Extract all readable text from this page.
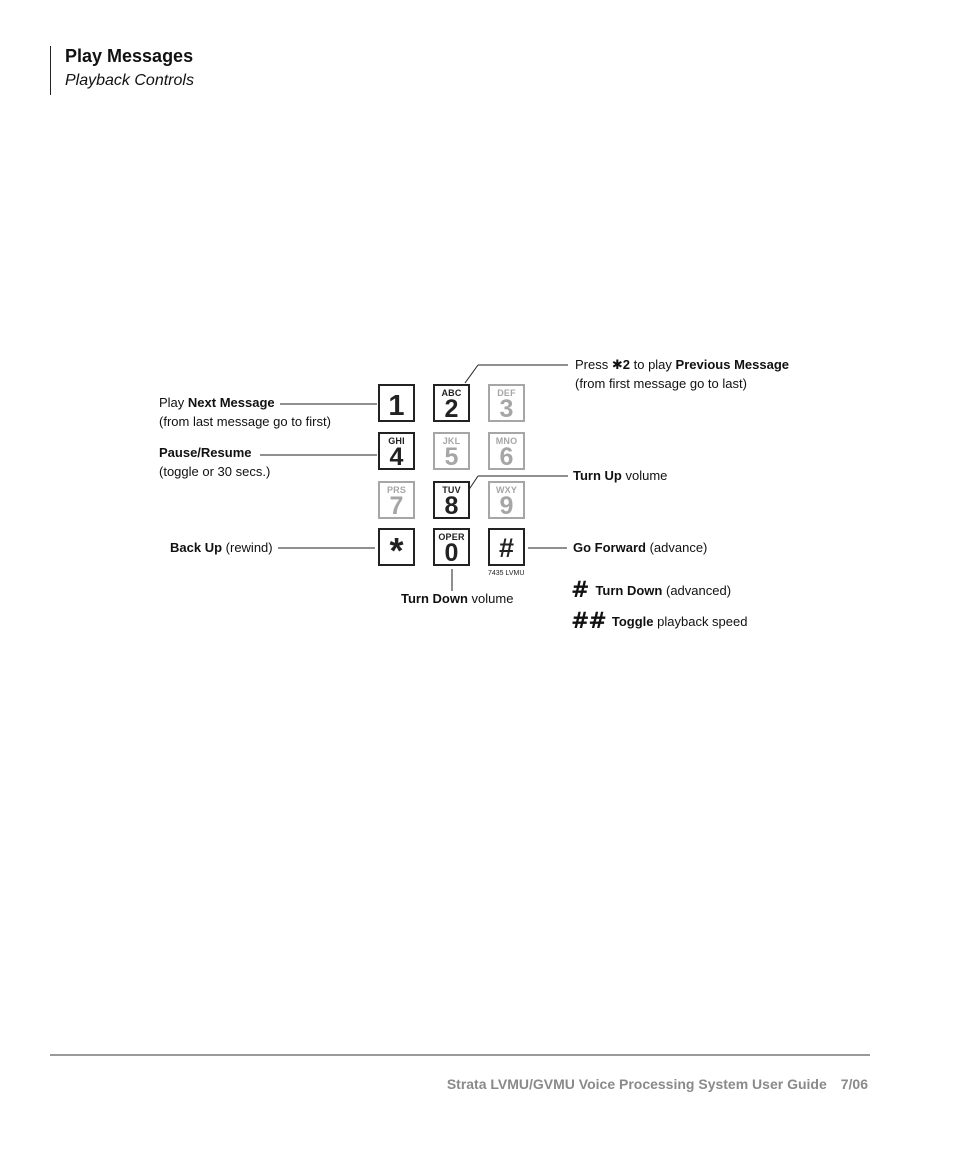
Play Messages
Playback Controls
1	ABC
2
DEF
3
GHI
4
JKL
5
MNO
6
PRS
7
TUV
8
WXY
9
*	OPER
0	#
7435 LVMU
Press ✱2 to play Previous Message
(from first message go to last)
Play Next Message
(from last message go to first)
Pause/Resume
(toggle or 30 secs.)	Turn Up volume
Back Up (rewind)	Go Forward (advance)
Turn Down volume	# Turn Down (advanced)
## Toggle playback speed
Strata LVMU/GVMU Voice Processing System User Guide 7/06
